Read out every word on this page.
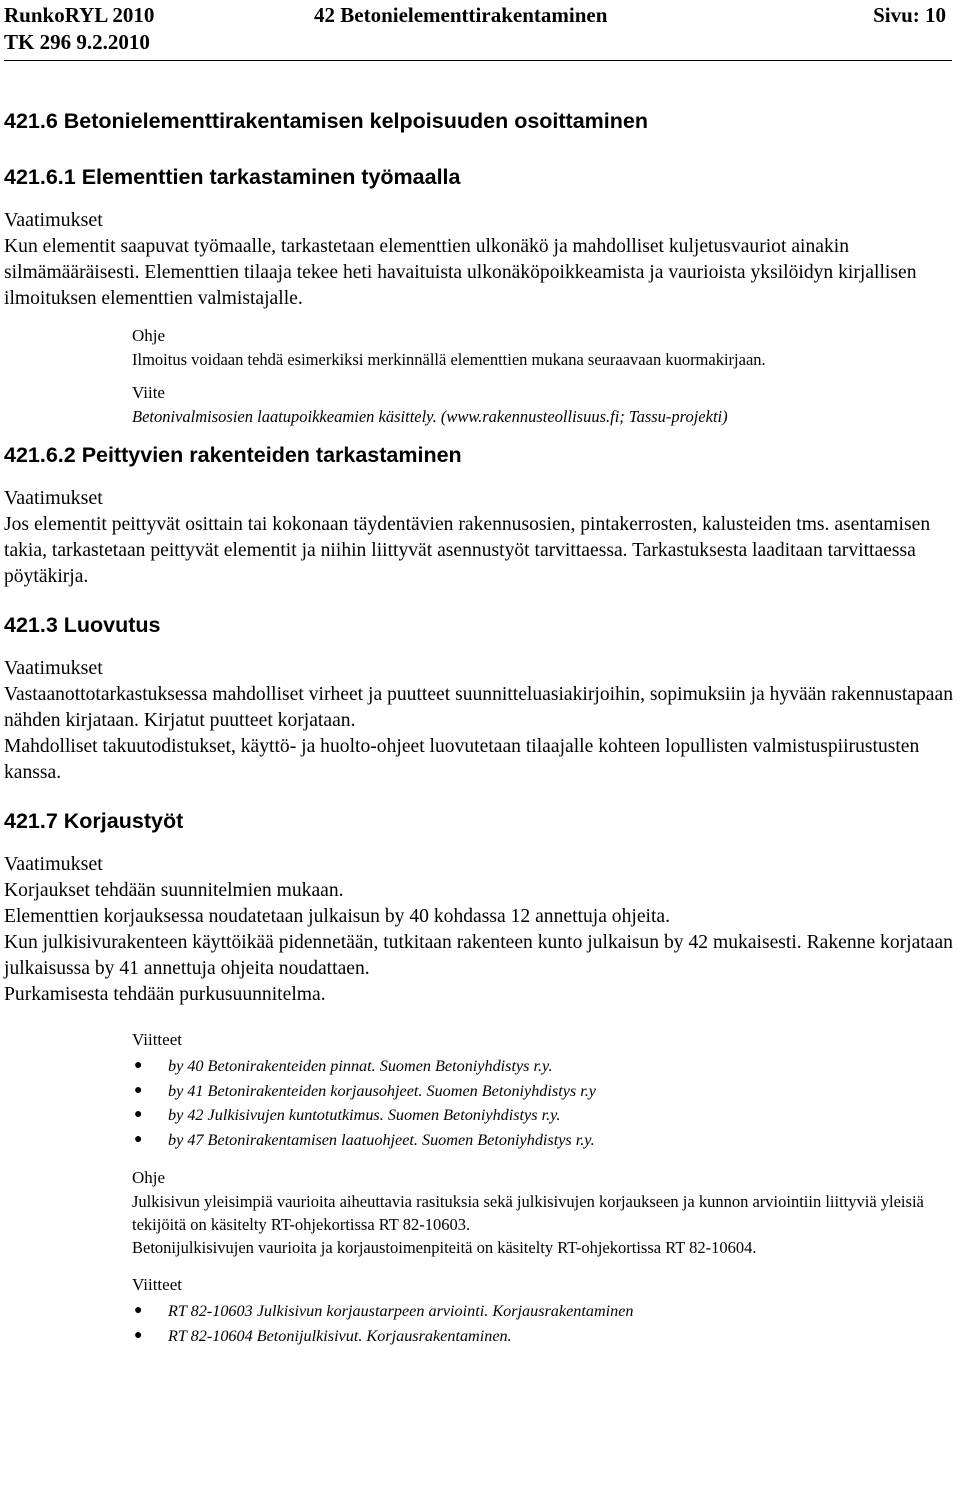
RunkoRYL 2010	42 Betonielementtirakentaminen	Sivu: 10
TK 296 9.2.2010
421.6 Betonielementtirakentamisen kelpoisuuden osoittaminen
421.6.1 Elementtien tarkastaminen työmaalla
Vaatimukset
Kun elementit saapuvat työmaalle, tarkastetaan elementtien ulkonäkö ja mahdolliset kuljetusvauriot ainakin silmämääräisesti. Elementtien tilaaja tekee heti havaituista ulkonäköpoikkeamista ja vaurioista yksilöidyn kirjallisen ilmoituksen elementtien valmistajalle.
Ohje
Ilmoitus voidaan tehdä esimerkiksi merkinnällä elementtien mukana seuraavaan kuormakirjaan.
Viite
Betonivalmisosien laatupoikkeamien käsittely. (www.rakennusteollisuus.fi; Tassu-projekti)
421.6.2 Peittyvien rakenteiden tarkastaminen
Vaatimukset
Jos elementit peittyvät osittain tai kokonaan täydentävien rakennusosien, pintakerrosten, kalusteiden tms. asentamisen takia, tarkastetaan peittyvät elementit ja niihin liittyvät asennustyöt tarvittaessa. Tarkastuksesta laaditaan tarvittaessa pöytäkirja.
421.3 Luovutus
Vaatimukset
Vastaanottotarkastuksessa mahdolliset virheet ja puutteet suunnitteluasiakirjoihin, sopimuksiin ja hyvään rakennustapaan nähden kirjataan. Kirjatut puutteet korjataan.
Mahdolliset takuutodistukset, käyttö- ja huolto-ohjeet luovutetaan tilaajalle kohteen lopullisten valmistuspiirustusten kanssa.
421.7 Korjaustyöt
Vaatimukset
Korjaukset tehdään suunnitelmien mukaan.
Elementtien korjauksessa noudatetaan julkaisun by 40 kohdassa 12 annettuja ohjeita.
Kun julkisivurakenteen käyttöikää pidennetään, tutkitaan rakenteen kunto julkaisun by 42 mukaisesti. Rakenne korjataan julkaisussa by 41 annettuja ohjeita noudattaen.
Purkamisesta tehdään purkusuunnitelma.
Viitteet
● by 40 Betonirakenteiden pinnat. Suomen Betoniyhdistys r.y.
● by 41 Betonirakenteiden korjausohjeet. Suomen Betoniyhdistys r.y
● by 42 Julkisivujen kuntotutkimus. Suomen Betoniyhdistys r.y.
● by 47 Betonirakentamisen laatuohjeet. Suomen Betoniyhdistys r.y.
Ohje
Julkisivun yleisimpiä vaurioita aiheuttavia rasituksia sekä julkisivujen korjaukseen ja kunnon arviointiin liittyviä yleisiä tekijöitä on käsitelty RT-ohjekortissa RT 82-10603.
Betonijulkisivujen vaurioita ja korjaustoimenpiteitä on käsitelty RT-ohjekortissa RT 82-10604.
Viitteet
● RT 82-10603 Julkisivun korjaustarpeen arviointi. Korjausrakentaminen
● RT 82-10604 Betonijulkisivut. Korjausrakentaminen.
